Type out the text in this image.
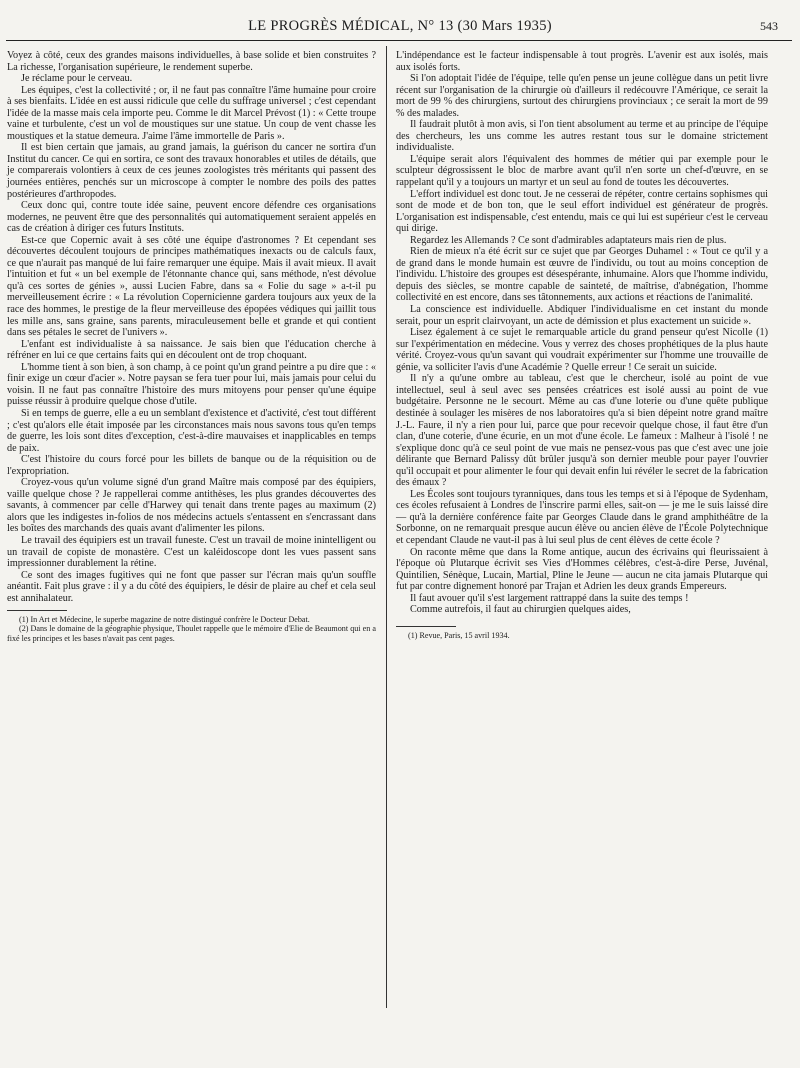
LE PROGRÈS MÉDICAL, N° 13 (30 Mars 1935)	543

Voyez à côté, ceux des grandes maisons individuelles, à base solide et bien construites ? La richesse, l'organisation supérieure, le rendement superbe.

Je réclame pour le cerveau.

Les équipes, c'est la collectivité ; or, il ne faut pas connaître l'âme humaine pour croire à ses bienfaits. L'idée en est aussi ridicule que celle du suffrage universel ; c'est cependant l'idée de la masse mais cela importe peu. Comme le dit Marcel Prévost (1) : « Cette troupe vaine et turbulente, c'est un vol de moustiques sur une statue. Un coup de vent chasse les moustiques et la statue demeura. J'aime l'âme immortelle de Paris ».

Il est bien certain que jamais, au grand jamais, la guérison du cancer ne sortira d'un Institut du cancer. Ce qui en sortira, ce sont des travaux honorables et utiles de détails, que je comparerais volontiers à ceux de ces jeunes zoologistes très méritants qui passent des journées entières, penchés sur un microscope à compter le nombre des poils des pattes postérieures d'arthropodes.

Ceux donc qui, contre toute idée saine, peuvent encore défendre ces organisations modernes, ne peuvent être que des personnalités qui automatiquement seraient appelés en cas de création à diriger ces futurs Instituts.

Est-ce que Copernic avait à ses côté une équipe d'astronomes ? Et cependant ses découvertes découlent toujours de principes mathématiques inexacts ou de calculs faux, ce que n'aurait pas manqué de lui faire remarquer une équipe. Mais il avait mieux. Il avait l'intuition et fut « un bel exemple de l'étonnante chance qui, sans méthode, n'est dévolue qu'à ces sortes de génies », aussi Lucien Fabre, dans sa « Folie du sage » a-t-il pu merveilleusement écrire : « La révolution Copernicienne gardera toujours aux yeux de la race des hommes, le prestige de la fleur merveilleuse des épopées védiques qui jaillit tous les mille ans, sans graine, sans parents, miraculeusement belle et grande et qui contient dans ses pétales le secret de l'univers ».

L'enfant est individualiste à sa naissance. Je sais bien que l'éducation cherche à réfréner en lui ce que certains faits qui en découlent ont de trop choquant.

L'homme tient à son bien, à son champ, à ce point qu'un grand peintre a pu dire que : « finir exige un cœur d'acier ». Notre paysan se fera tuer pour lui, mais jamais pour celui du voisin. Il ne faut pas connaître l'histoire des murs mitoyens pour penser qu'une équipe puisse réussir à produire quelque chose d'utile.

Si en temps de guerre, elle a eu un semblant d'existence et d'activité, c'est tout différent ; c'est qu'alors elle était imposée par les circonstances mais nous savons tous qu'en temps de guerre, les lois sont dites d'exception, c'est-à-dire mauvaises et inapplicables en temps de paix.

C'est l'histoire du cours forcé pour les billets de banque ou de la réquisition ou de l'expropriation.

Croyez-vous qu'un volume signé d'un grand Maître mais composé par des équipiers, vaille quelque chose ? Je rappellerai comme antithèses, les plus grandes découvertes des savants, à commencer par celle d'Harwey qui tenait dans trente pages au maximum (2) alors que les indigestes in-folios de nos médecins actuels s'entassent en s'encrassant dans les boîtes des marchands des quais avant d'alimenter les pilons.

Le travail des équipiers est un travail funeste. C'est un travail de moine inintelligent ou un travail de copiste de monastère. C'est un kaléidoscope dont les vues passent sans impressionner durablement la rétine.

Ce sont des images fugitives qui ne font que passer sur l'écran mais qu'un souffle anéantit. Fait plus grave : il y a du côté des équipiers, le désir de plaire au chef et cela seul est annihalateur.

(1) In Art et Médecine, le superbe magazine de notre distingué confrère le Docteur Debat.

(2) Dans le domaine de la géographie physique, Thoulet rappelle que le mémoire d'Elie de Beaumont qui en a fixé les principes et les bases n'avait pas cent pages.

L'indépendance est le facteur indispensable à tout progrès. L'avenir est aux isolés, mais aux isolés forts.

Si l'on adoptait l'idée de l'équipe, telle qu'en pense un jeune collègue dans un petit livre récent sur l'organisation de la chirurgie où d'ailleurs il redécouvre l'Amérique, ce serait la mort de 99 % des chirurgiens, surtout des chirurgiens provinciaux ; ce serait la mort de 99 % des malades.

Il faudrait plutôt à mon avis, si l'on tient absolument au terme et au principe de l'équipe des chercheurs, les uns comme les autres restant tous sur le domaine strictement individualiste.

L'équipe serait alors l'équivalent des hommes de métier qui par exemple pour le sculpteur dégrossissent le bloc de marbre avant qu'il n'en sorte un chef-d'œuvre, en se rappelant qu'il y a toujours un martyr et un seul au fond de toutes les découvertes.

L'effort individuel est donc tout. Je ne cesserai de répéter, contre certains sophismes qui sont de mode et de bon ton, que le seul effort individuel est générateur de progrès. L'organisation est indispensable, c'est entendu, mais ce qui lui est supérieur c'est le cerveau qui dirige.

Regardez les Allemands ? Ce sont d'admirables adaptateurs mais rien de plus.

Rien de mieux n'a été écrit sur ce sujet que par Georges Duhamel : « Tout ce qu'il y a de grand dans le monde humain est œuvre de l'individu, ou tout au moins conception de l'individu. L'histoire des groupes est désespérante, inhumaine. Alors que l'homme individu, depuis des siècles, se montre capable de sainteté, de maîtrise, d'abnégation, l'homme collectivité en est encore, dans ses tâtonnements, aux actions et réactions de l'animalité.

La conscience est individuelle. Abdiquer l'individualisme en cet instant du monde serait, pour un esprit clairvoyant, un acte de démission et plus exactement un suicide ».

Lisez également à ce sujet le remarquable article du grand penseur qu'est Nicolle (1) sur l'expérimentation en médecine. Vous y verrez des choses prophétiques de la plus haute vérité. Croyez-vous qu'un savant qui voudrait expérimenter sur l'homme une trouvaille de génie, va solliciter l'avis d'une Académie ? Quelle erreur ! Ce serait un suicide.

Il n'y a qu'une ombre au tableau, c'est que le chercheur, isolé au point de vue intellectuel, seul à seul avec ses pensées créatrices est isolé aussi au point de vue budgétaire. Personne ne le secourt. Même au cas d'une loterie ou d'une quête publique destinée à soulager les misères de nos laboratoires qu'a si bien dépeint notre grand maître J.-L. Faure, il n'y a rien pour lui, parce que pour recevoir quelque chose, il faut être d'un clan, d'une coterie, d'une écurie, en un mot d'une école. Le fameux : Malheur à l'isolé ! ne s'explique donc qu'à ce seul point de vue mais ne pensez-vous pas que c'est avec une joie délirante que Bernard Palissy dût brûler jusqu'à son dernier meuble pour payer l'ouvrier qu'il occupait et pour alimenter le four qui devait enfin lui révéler le secret de la fabrication des émaux ?

Les Écoles sont toujours tyranniques, dans tous les temps et si à l'époque de Sydenham, ces écoles refusaient à Londres de l'inscrire parmi elles, sait-on — je me le suis laissé dire — qu'à la dernière conférence faite par Georges Claude dans le grand amphithéâtre de la Sorbonne, on ne remarquait presque aucun élève ou ancien élève de l'École Polytechnique et cependant Claude ne vaut-il pas à lui seul plus de cent élèves de cette école ?

On raconte même que dans la Rome antique, aucun des écrivains qui fleurissaient à l'époque où Plutarque écrivit ses Vies d'Hommes célèbres, c'est-à-dire Perse, Juvénal, Quintilien, Sénèque, Lucain, Martial, Pline le Jeune — aucun ne cita jamais Plutarque qui fut par contre dignement honoré par Trajan et Adrien les deux grands Empereurs.

Il faut avouer qu'il s'est largement rattrappé dans la suite des temps !

Comme autrefois, il faut au chirurgien quelques aides,

(1) Revue, Paris, 15 avril 1934.
